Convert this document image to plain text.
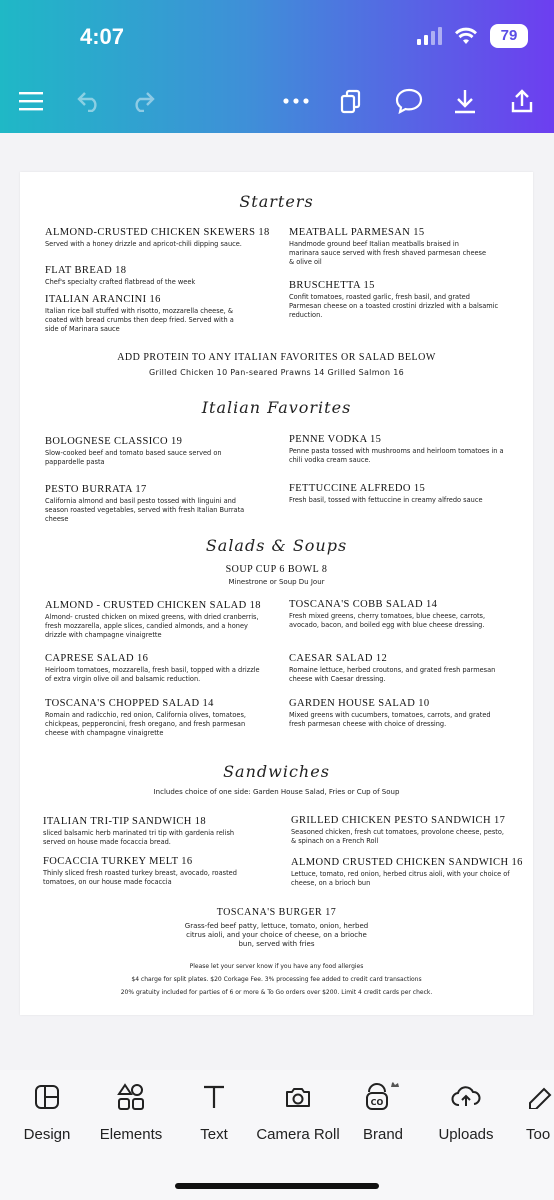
4:07	79
Starters
ALMOND-CRUSTED CHICKEN SKEWERS 18
Served with a honey drizzle and apricot-chili dipping sauce.
FLAT BREAD 18
Chef's specialty crafted flatbread of the week
ITALIAN ARANCINI 16
Italian rice ball stuffed with risotto, mozzarella cheese, & coated with bread crumbs then deep fried. Served with a side of Marinara sauce
MEATBALL PARMESAN 15
Handmode ground beef Italian meatballs braised in marinara sauce served with fresh shaved parmesan cheese & olive oil
BRUSCHETTA 15
Confit tomatoes, roasted garlic, fresh basil, and grated Parmesan cheese on a toasted crostini drizzled with a balsamic reduction.
ADD PROTEIN TO ANY ITALIAN FAVORITES OR SALAD BELOW
Grilled Chicken 10 Pan-seared Prawns 14 Grilled Salmon 16
Italian Favorites
BOLOGNESE CLASSICO 19
Slow-cooked beef and tomato based sauce served on pappardelle pasta
PESTO BURRATA 17
California almond and basil pesto tossed with linguini and season roasted vegetables, served with fresh Italian Burrata cheese
PENNE VODKA 15
Penne pasta tossed with mushrooms and heirloom tomatoes in a chili vodka cream sauce.
FETTUCCINE ALFREDO 15
Fresh basil, tossed with fettuccine in creamy alfredo sauce
Salads & Soups
SOUP CUP 6 BOWL 8
Minestrone or Soup Du Jour
ALMOND - CRUSTED CHICKEN SALAD 18
Almond- crusted chicken on mixed greens, with dried cranberris, fresh mozzarella, apple slices, candied almonds, and a honey drizzle with champagne vinaigrette
CAPRESE SALAD 16
Heirloom tomatoes, mozzarella, fresh basil, topped with a drizzle of extra virgin olive oil and balsamic reduction.
TOSCANA'S CHOPPED SALAD 14
Romain and radicchio, red onion, California olives, tomatoes, chickpeas, pepperoncini, fresh oregano, and fresh parmesan cheese with champagne vinaigrette
TOSCANA'S COBB SALAD 14
Fresh mixed greens, cherry tomatoes, blue cheese, carrots, avocado, bacon, and boiled egg with blue cheese dressing.
CAESAR SALAD 12
Romaine lettuce, herbed croutons, and grated fresh parmesan cheese with Caesar dressing.
GARDEN HOUSE SALAD 10
Mixed greens with cucumbers, tomatoes, carrots, and grated fresh parmesan cheese with choice of dressing.
Sandwiches
Includes choice of one side: Garden House Salad, Fries or Cup of Soup
ITALIAN TRI-TIP SANDWICH 18
sliced balsamic herb marinated tri tip with gardenia relish served on house made focaccia bread.
FOCACCIA TURKEY MELT 16
Thinly sliced fresh roasted turkey breast, avocado, roasted tomatoes, on our house made focaccia
GRILLED CHICKEN PESTO SANDWICH 17
Seasoned chicken, fresh cut tomatoes, provolone cheese, pesto, & spinach on a French Roll
ALMOND CRUSTED CHICKEN SANDWICH 16
Lettuce, tomato, red onion, herbed citrus aioli, with your choice of cheese, on a brioch bun
TOSCANA'S BURGER 17
Grass-fed beef patty, lettuce, tomato, onion, herbed citrus aioli, and your choice of cheese, on a brioche bun, served with fries
Please let your server know if you have any food allergies
$4 charge for split plates. $20 Corkage Fee. 3% processing fee added to credit card transactions
20% gratuity included for parties of 6 or more & To Go orders over $200. Limit 4 credit cards per check.
Design	Elements	Text	Camera Roll
CO
Brand	Uploads	Too
